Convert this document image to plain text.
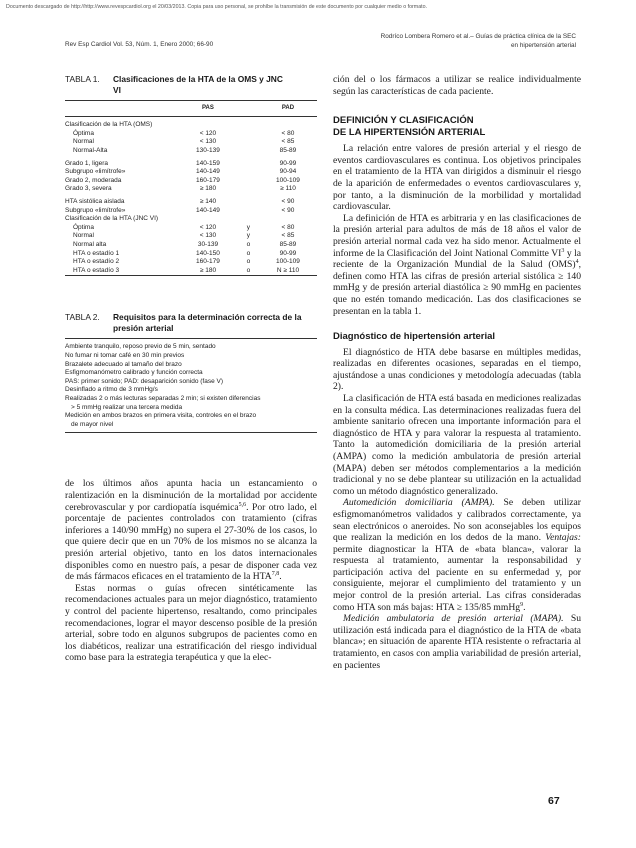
Documento descargado de http://http://www.revespcardiol.org el 20/03/2013. Copia para uso personal, se prohíbe la transmisión de este documento por cualquier medio o formato.
Rev Esp Cardiol Vol. 53, Núm. 1, Enero 2000; 66-90
Rodríco Lombera Romero et al.– Guías de práctica clínica de la SEC
en hipertensión arterial
TABLA 1.	Clasificaciones de la HTA de la OMS y JNC VI
	PAS		PAD

Clasificación de la HTA (OMS)			
Óptima	< 120		< 80
Normal	< 130		< 85
Normal-Alta	130-139		85-89

Grado 1, ligera	140-159		90-99
Subgrupo «limítrofe»	140-149		90-94
Grado 2, moderada	160-179		100-109
Grado 3, severa	≥ 180		≥ 110

HTA sistólica aislada	≥ 140		< 90
Subgrupo «limítrofe»	140-149		< 90
Clasificación de la HTA (JNC VI)			
Óptima	< 120	y	< 80
Normal	< 130	y	< 85
Normal alta	30-139	o	85-89
HTA o estadío 1	140-150	o	90-99
HTA o estadío 2	160-179	o	100-109
HTA o estadío 3	≥ 180	o	N ≥ 110
TABLA 2.	Requisitos para la determinación correcta de la presión arterial
Ambiente tranquilo, reposo previo de 5 min, sentado
No fumar ni tomar café en 30 min previos
Brazalete adecuado al tamaño del brazo
Esfigmomanómetro calibrado y función correcta
PAS: primer sonido; PAD: desaparición sonido (fase V)
Desinflado a ritmo de 3 mmHg/s
Realizadas 2 o más lecturas separadas 2 min; si existen diferencias
> 5 mmHg realizar una tercera medida
Medición en ambos brazos en primera visita, controles en el brazo
de mayor nivel

de los últimos años apunta hacia un estancamiento o ralentización en la disminución de la mortalidad por accidente cerebrovascular y por cardiopatía isquémica$^{5,6}$. Por otro lado, el porcentaje de pacientes controlados con tratamiento (cifras inferiores a 140/90 mmHg) no supera el 27-30% de los casos, lo que quiere decir que en un 70% de los mismos no se alcanza la presión arterial objetivo, tanto en los datos internacionales disponibles como en nuestro país, a pesar de disponer cada vez de más fármacos eficaces en el tratamiento de la HTA$^{7,8}$.

Estas normas o guías ofrecen sintéticamente las recomendaciones actuales para un mejor diagnóstico, tratamiento y control del paciente hipertenso, resaltando, como principales recomendaciones, lograr el mayor descenso posible de la presión arterial, sobre todo en algunos subgrupos de pacientes como en los diabéticos, realizar una estratificación del riesgo individual como base para la estrategia terapéutica y que la elec-

ción del o los fármacos a utilizar se realice individualmente según las características de cada paciente.

DEFINICIÓN Y CLASIFICACIÓN
DE LA HIPERTENSIÓN ARTERIAL

La relación entre valores de presión arterial y el riesgo de eventos cardiovasculares es continua. Los objetivos principales en el tratamiento de la HTA van dirigidos a disminuir el riesgo de la aparición de enfermedades o eventos cardiovasculares y, por tanto, a la disminución de la morbilidad y mortalidad cardiovascular.

La definición de HTA es arbitraria y en las clasificaciones de la presión arterial para adultos de más de 18 años el valor de presión arterial normal cada vez ha sido menor. Actualmente el informe de la Clasificación del Joint National Committe $VI^3$ y la reciente de la Organización Mundial de la Salud (OMS)$^4$, definen como HTA las cifras de presión arterial sistólica ≥ 140 mmHg y de presión arterial diastólica ≥ 90 mmHg en pacientes que no estén tomando medicación. Las dos clasificaciones se presentan en la tabla 1.

Diagnóstico de hipertensión arterial

El diagnóstico de HTA debe basarse en múltiples medidas, realizadas en diferentes ocasiones, separadas en el tiempo, ajustándose a unas condiciones y metodología adecuadas (tabla 2).

La clasificación de HTA está basada en mediciones realizadas en la consulta médica. Las determinaciones realizadas fuera del ambiente sanitario ofrecen una importante información para el diagnóstico de HTA y para valorar la respuesta al tratamiento. Tanto la automedición domiciliaria de la presión arterial (AMPA) como la medición ambulatoria de presión arterial (MAPA) deben ser métodos complementarios a la medición tradicional y no se debe plantear su utilización en la actualidad como un método diagnóstico generalizado.

Automedición domiciliaria (AMPA). Se deben utilizar esfigmomanómetros validados y calibrados correctamente, ya sean electrónicos o aneroides. No son aconsejables los equipos que realizan la medición en los dedos de la mano. Ventajas: permite diagnosticar la HTA de «bata blanca», valorar la respuesta al tratamiento, aumentar la responsabilidad y participación activa del paciente en su enfermedad y, por consiguiente, mejorar el cumplimiento del tratamiento y un mejor control de la presión arterial. Las cifras consideradas como HTA son más bajas: HTA ≥ 135/85 mmHg$^9$.

Medición ambulatoria de presión arterial (MAPA). Su utilización está indicada para el diagnóstico de la HTA de «bata blanca»; en situación de aparente HTA resistente o refractaria al tratamiento, en casos con amplia variabilidad de presión arterial, en pacientes

67
